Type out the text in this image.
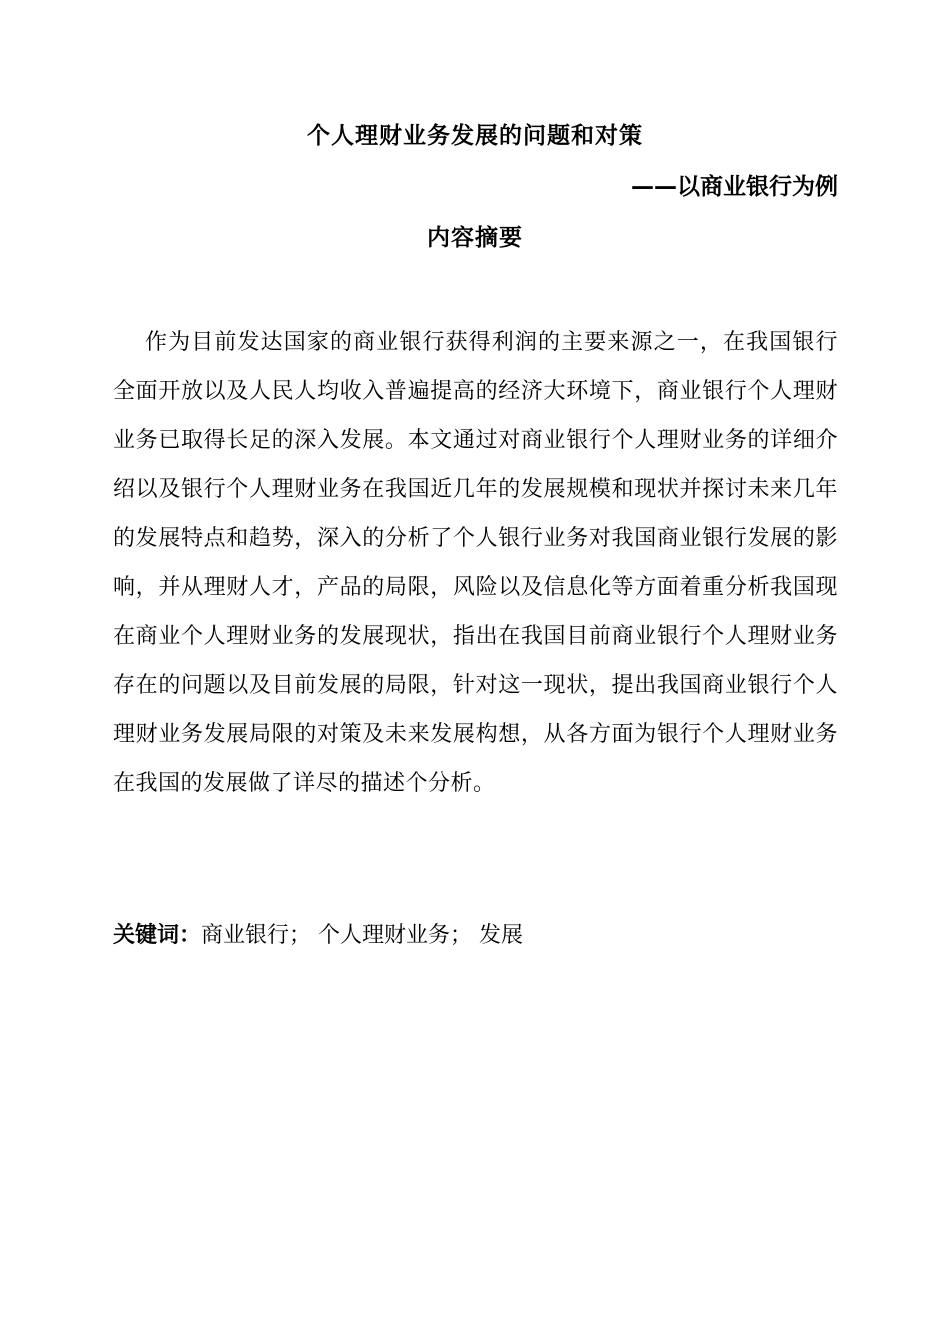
个人理财业务发展的问题和对策
——以商业银行为例
内容摘要

作为目前发达国家的商业银行获得利润的主要来源之一，在我国银行全面开放以及人民人均收入普遍提高的经济大环境下，商业银行个人理财业务已取得长足的深入发展。本文通过对商业银行个人理财业务的详细介绍以及银行个人理财业务在我国近几年的发展规模和现状并探讨未来几年的发展特点和趋势，深入的分析了个人银行业务对我国商业银行发展的影响，并从理财人才，产品的局限，风险以及信息化等方面着重分析我国现在商业个人理财业务的发展现状，指出在我国目前商业银行个人理财业务存在的问题以及目前发展的局限，针对这一现状，提出我国商业银行个人理财业务发展局限的对策及未来发展构想，从各方面为银行个人理财业务在我国的发展做了详尽的描述个分析。

关键词：商业银行； 个人理财业务； 发展
